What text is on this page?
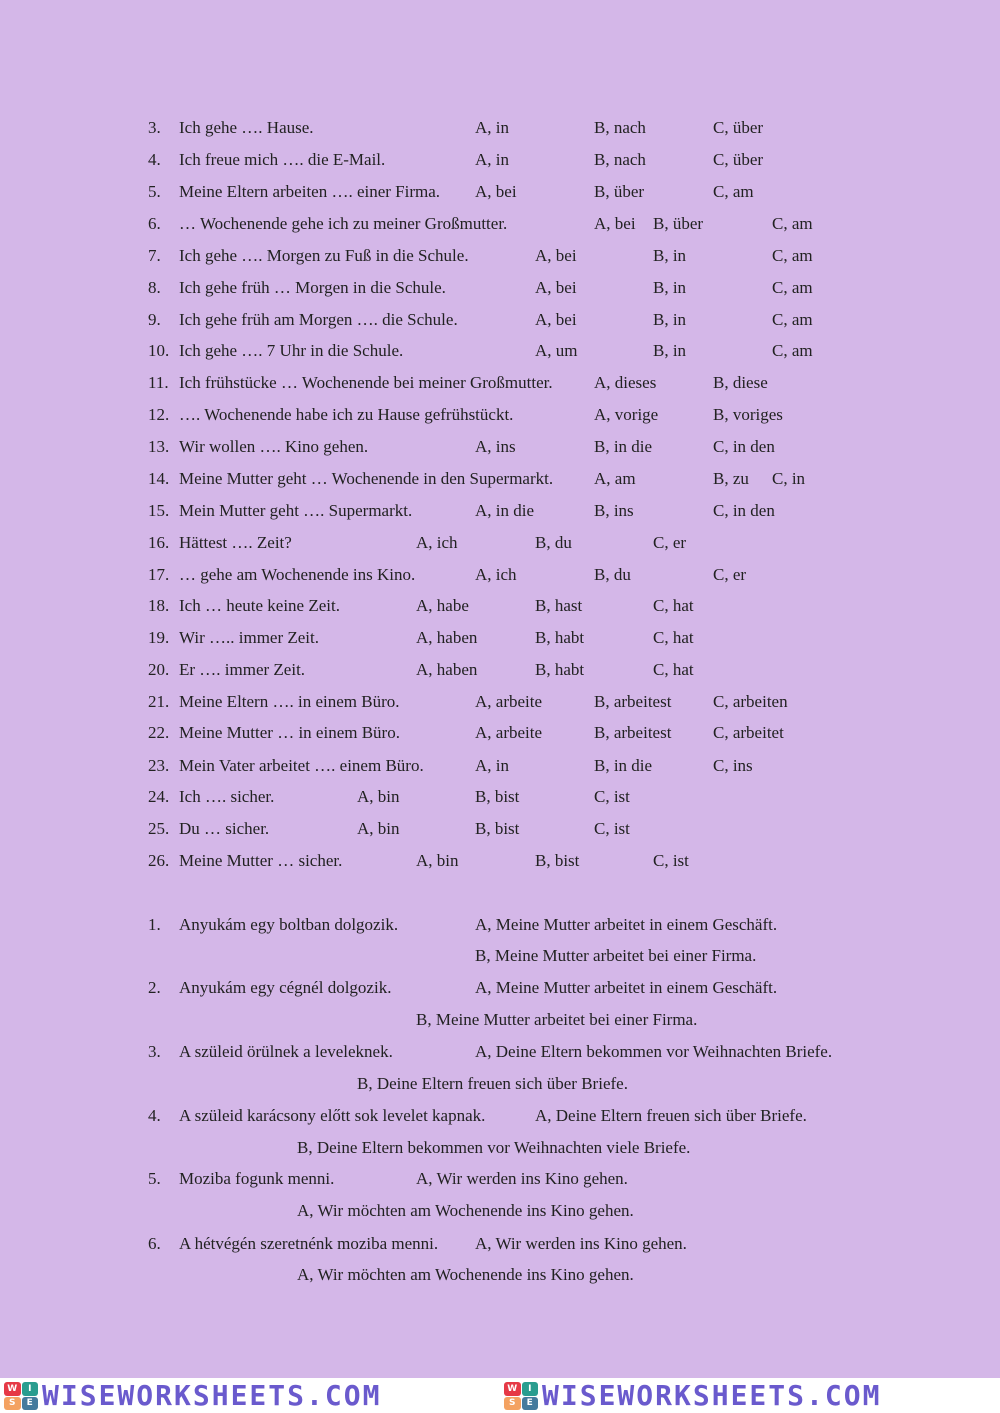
3. Ich gehe …. Hause.	A, in	B, nach	C, über
4. Ich freue mich …. die E-Mail.	A, in	B, nach	C, über
5. Meine Eltern arbeiten …. einer Firma. A, bei	B, über	C, am
6. … Wochenende gehe ich zu meiner Großmutter.	A, bei B, über	C, am
7. Ich gehe …. Morgen zu Fuß in die Schule.	A, bei	B, in	C, am
8. Ich gehe früh … Morgen in die Schule.	A, bei	B, in	C, am
9. Ich gehe früh am Morgen …. die Schule.	A, bei	B, in	C, am
10. Ich gehe …. 7 Uhr in die Schule.	A, um	B, in	C, am
11. Ich frühstücke … Wochenende bei meiner Großmutter. A, dieses	B, diese
12. …. Wochenende habe ich zu Hause gefrühstückt.	A, vorige	B, voriges
13. Wir wollen …. Kino gehen.	A, ins	B, in die	C, in den
14. Meine Mutter geht … Wochenende in den Supermarkt. A, am	B, zu C, in
15. Mein Mutter geht …. Supermarkt.	A, in die	B, ins	C, in den
16. Hättest …. Zeit?	A, ich	B, du	C, er
17. … gehe am Wochenende ins Kino.	A, ich	B, du	C, er
18. Ich … heute keine Zeit.	A, habe	B, hast	C, hat
19. Wir ….. immer Zeit.	A, haben	B, habt	C, hat
20. Er …. immer Zeit.	A, haben	B, habt	C, hat
21. Meine Eltern …. in einem Büro.	A, arbeite	B, arbeitest C, arbeiten
22. Meine Mutter … in einem Büro.	A, arbeite	B, arbeitest C, arbeitet
23. Mein Vater arbeitet …. einem Büro.	A, in	B, in die	C, ins
24. Ich …. sicher.	A, bin	B, bist	C, ist
25. Du … sicher.	A, bin	B, bist	C, ist
26. Meine Mutter … sicher.	A, bin	B, bist	C, ist
1. Anyukám egy boltban dolgozik.	A, Meine Mutter arbeitet in einem Geschäft.
B, Meine Mutter arbeitet bei einer Firma.
2. Anyukám egy cégnél dolgozik.	A, Meine Mutter arbeitet in einem Geschäft.
B, Meine Mutter arbeitet bei einer Firma.
3. A szüleid örülnek a leveleknek.	A, Deine Eltern bekommen vor Weihnachten Briefe.
B, Deine Eltern freuen sich über Briefe.
4. A szüleid karácsony előtt sok levelet kapnak.	A, Deine Eltern freuen sich über Briefe.
B, Deine Eltern bekommen vor Weihnachten viele Briefe.
5. Moziba fogunk menni.	A, Wir werden ins Kino gehen.
A, Wir möchten am Wochenende ins Kino gehen.
6. A hétvégén szeretnénk moziba menni. A, Wir werden ins Kino gehen.
A, Wir möchten am Wochenende ins Kino gehen.
W	I
S	E WISEWORKSHEETS.COM	W	I
S	E WISEWORKSHEETS.COM
